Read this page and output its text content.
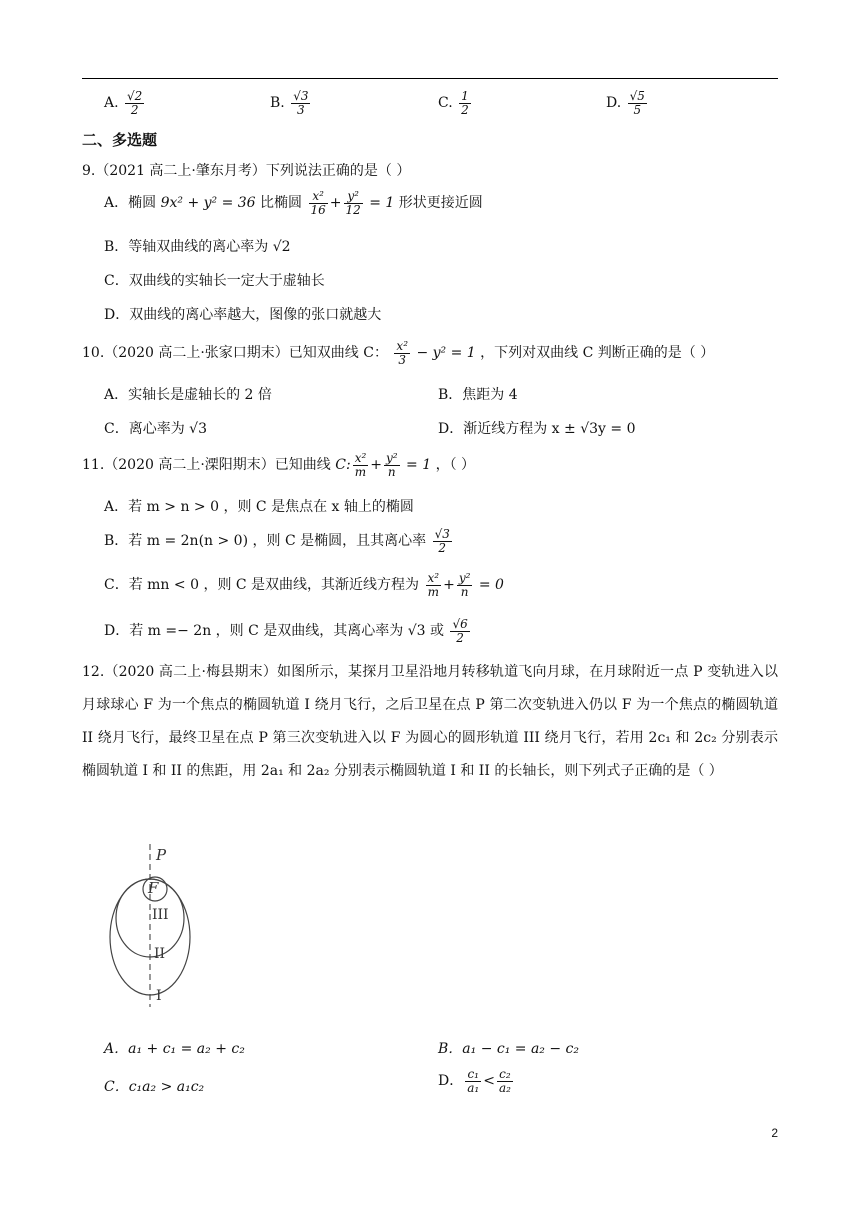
A. $\frac{√2}{2}$	B. $\frac{√3}{3}$	C. $\frac{1}{2}$	D. $\frac{√5}{5}$
二、多选题
9.（2021 高二上·肇东月考）下列说法正确的是（ ）
A．椭圆 9x² + y² = 36 比椭圆 $\frac{\text{x²}}{16} + \frac{\text{y²}}{12} = 1$ 形状更接近圆
B．等轴双曲线的离心率为 √2
C．双曲线的实轴长一定大于虚轴长
D．双曲线的离心率越大，图像的张口就越大
10.（2020 高二上·张家口期末）已知双曲线 C： $\frac{\text{x²}}{3} - y^2 = 1$ ，下列对双曲线 C 判断正确的是（ ）
A．实轴长是虚轴长的 2 倍	B．焦距为 4
C．离心率为 √3	D．渐近线方程为 x ± √3y = 0
11.（2020 高二上·溧阳期末）已知曲线 C: $\frac{\text{x²}}{m} + \frac{\text{y²}}{n} = 1$ ，（ ）
A．若 m > n > 0 ，则 C 是焦点在 x 轴上的椭圆
B．若 m = 2n(n > 0) ，则 C 是椭圆，且其离心率 $\frac{√3}{2}$
C．若 mn < 0 ，则 C 是双曲线，其渐近线方程为 $\frac{\text{x²}}{m} + \frac{\text{y²}}{n} = 0$
D．若 m =− 2n ，则 C 是双曲线，其离心率为 √3 或 $\frac{√6}{2}$
12.（2020 高二上·梅县期末）如图所示，某探月卫星沿地月转移轨道飞向月球，在月球附近一点 P 变轨进入以月球球心 F 为一个焦点的椭圆轨道 I 绕月飞行，之后卫星在点 P 第二次变轨进入仍以 F 为一个焦点的椭圆轨道 II 绕月飞行，最终卫星在点 P 第三次变轨进入以 F 为圆心的圆形轨道 III 绕月飞行，若用 2c₁ 和 2c₂ 分别表示椭圆轨道 I 和 II 的焦距，用 2a₁ 和 2a₂ 分别表示椭圆轨道 I 和 II 的长轴长，则下列式子正确的是（ ）
P
F
III
II
I
A．a₁ + c₁ = a₂ + c₂	B．a₁ − c₁ = a₂ − c₂
C．c₁a₂ > a₁c₂	D． $\frac{\text{c₁}}{\text{a₁}} < \frac{\text{c₂}}{\text{a₂}}$
2
